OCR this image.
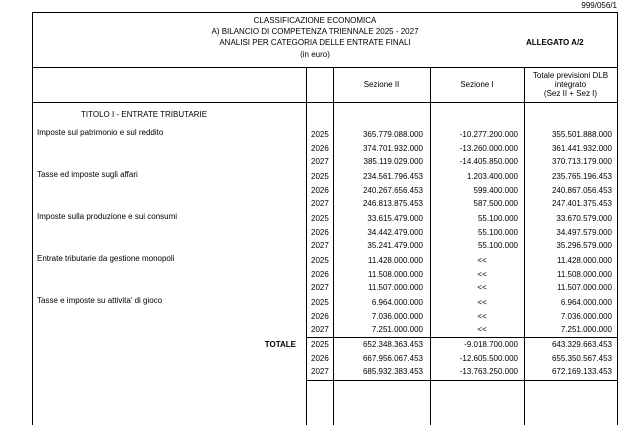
999/056/1
CLASSIFICAZIONE ECONOMICA
A) BILANCIO DI COMPETENZA TRIENNALE 2025 - 2027
ANALISI PER CATEGORIA DELLE ENTRATE FINALI
(in euro)
ALLEGATO A/2
Sezione II	Sezione I
Totale previsioni DLB
integrato
(Sez II + Sez I)
TITOLO I - ENTRATE TRIBUTARIE
Imposte sul patrimonio e sul reddito	2025	365.779.088.000	-10.277.200.000	355.501.888.000
2026	374.701.932.000	-13.260.000.000	361.441.932.000
2027	385.119.029.000	-14.405.850.000	370.713.179.000
Tasse ed imposte sugli affari	2025	234.561.796.453	1.203.400.000	235.765.196.453
2026	240.267.656.453	599.400.000	240.867.056.453
2027	246.813.875.453	587.500.000	247.401.375.453
Imposte sulla produzione e sui consumi	2025	33.615.479.000	55.100.000	33.670.579.000
2026	34.442.479.000	55.100.000	34.497.579.000
2027	35.241.479.000	55.100.000	35.296.579.000
Entrate tributarie da gestione monopoli	2025	11.428.000.000	<<	11.428.000.000
2026	11.508.000.000	<<	11.508.000.000
2027	11.507.000.000	<<	11.507.000.000
Tasse e imposte su attivita' di gioco	2025	6.964.000.000	<<	6.964.000.000
2026	7.036.000.000	<<	7.036.000.000
2027	7.251.000.000	<<	7.251.000.000
TOTALE 2025	652.348.363.453	-9.018.700.000	643.329.663.453
2026	667.956.067.453	-12.605.500.000	655.350.567.453
2027	685.932.383.453	-13.763.250.000	672.169.133.453
